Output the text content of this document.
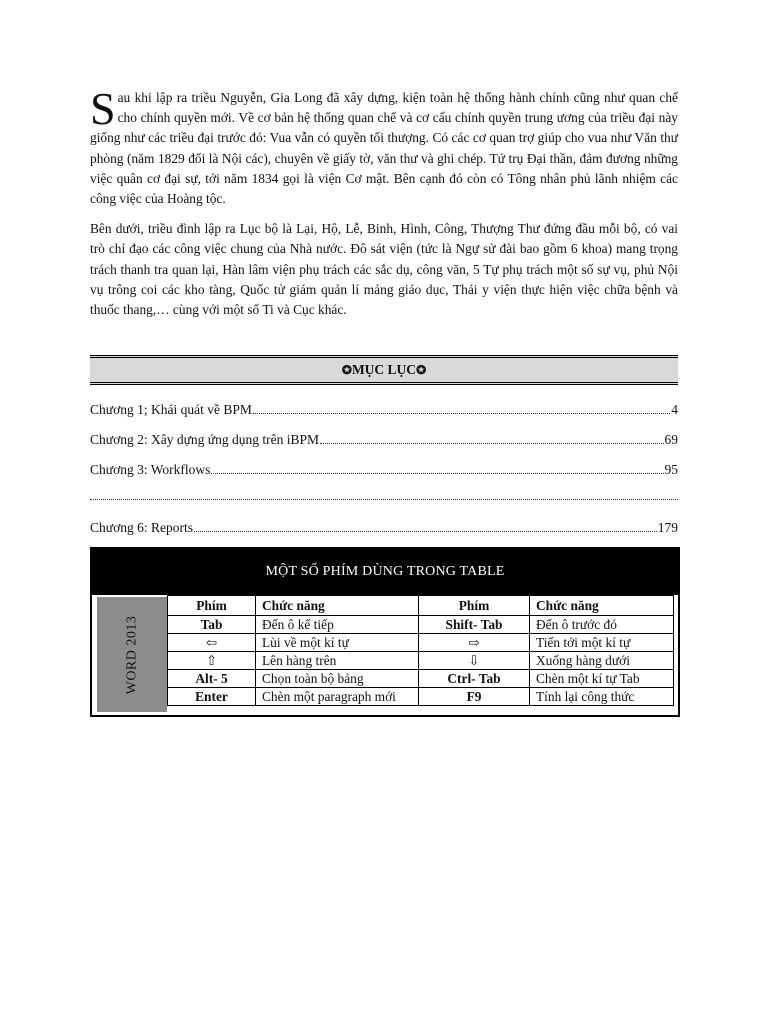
Sau khi lập ra triều Nguyễn, Gia Long đã xây dựng, kiện toàn hệ thống hành chính cũng như quan chế cho chính quyền mới. Về cơ bản hệ thống quan chế và cơ cấu chính quyền trung ương của triều đại này giống như các triều đại trước đó: Vua vẫn có quyền tối thượng. Có các cơ quan trợ giúp cho vua như Văn thư phòng (năm 1829 đổi là Nội các), chuyên về giấy tờ, văn thư và ghi chép. Tứ trụ Đại thần, đảm đương những việc quân cơ đại sự, tới năm 1834 gọi là viện Cơ mật. Bên cạnh đó còn có Tông nhân phủ lãnh nhiệm các công việc của Hoàng tộc.

Bên dưới, triều đình lập ra Lục bộ là Lại, Hộ, Lễ, Binh, Hình, Công, Thượng Thư đứng đầu mỗi bộ, có vai trò chỉ đạo các công việc chung của Nhà nước. Đô sát viện (tức là Ngự sử đài bao gồm 6 khoa) mang trọng trách thanh tra quan lại, Hàn lâm viện phụ trách các sắc dụ, công văn, 5 Tự phụ trách một số sự vụ, phủ Nội vụ trông coi các kho tàng, Quốc tử giám quản lí mảng giáo dục, Thái y viện thực hiện việc chữa bệnh và thuốc thang,… cùng với một số Ti và Cục khác.

✪ MỤC LỤC ✪
Chương 1; Khái quát về BPM	4
Chương 2: Xây dựng ứng dụng trên iBPM	69
Chương 3: Workflows	95
Chương 6: Reports	179
MỘT SỐ PHÍM DÙNG TRONG TABLE
WORD 2013
Phím	Chức năng	Phím	Chức năng
Tab	Đến ô kế tiếp	Shift- Tab	Đến ô trước đó
⇦	Lùi về một kí tự	⇨	Tiến tới một kí tự
⇧	Lên hàng trên	⇩	Xuống hàng dưới
Alt- 5	Chọn toàn bộ bảng	Ctrl- Tab	Chèn một kí tự Tab
Enter	Chèn một paragraph mới	F9	Tính lại công thức
